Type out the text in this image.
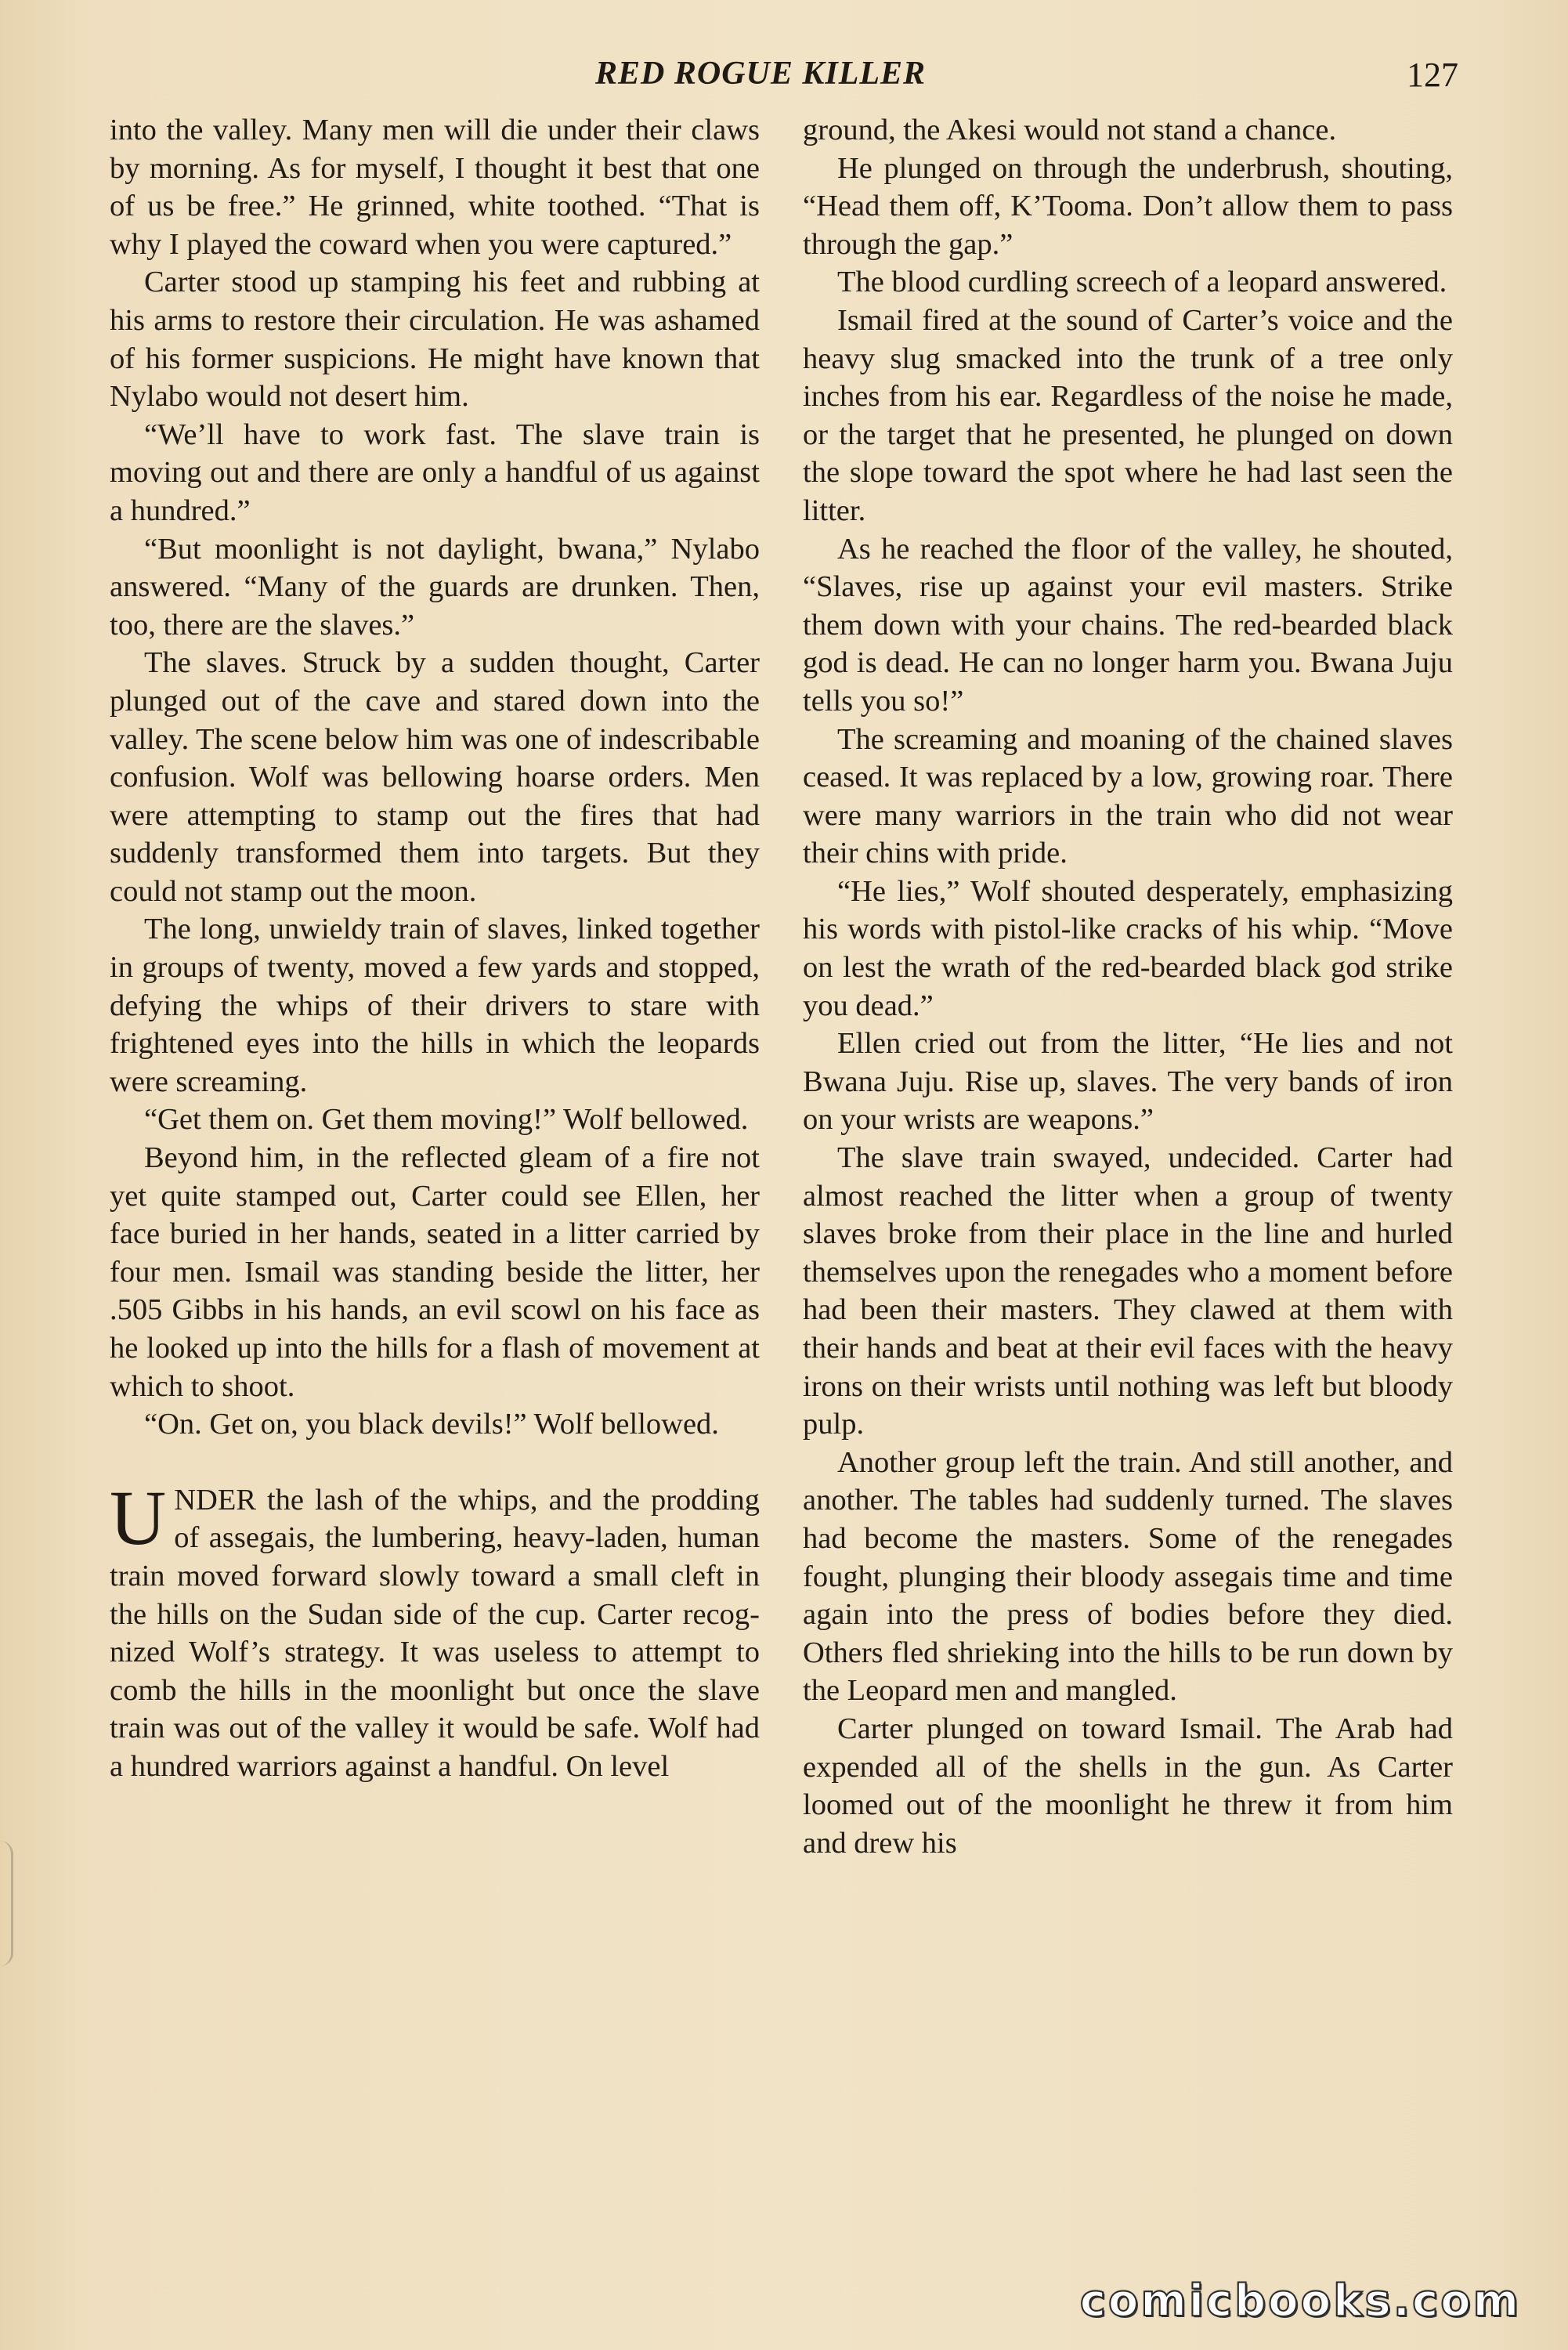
RED ROGUE KILLER	127

into the valley. Many men will die under their claws by morning. As for myself, I thought it best that one of us be free.” He grinned, white toothed. “That is why I played the coward when you were captured.”

Carter stood up stamping his feet and rubbing at his arms to restore their circulation. He was ashamed of his former suspicions. He might have known that Nylabo would not desert him.

“We’ll have to work fast. The slave train is moving out and there are only a handful of us against a hundred.”

“But moonlight is not daylight, bwana,” Nylabo answered. “Many of the guards are drunken. Then, too, there are the slaves.”

The slaves. Struck by a sudden thought, Carter plunged out of the cave and stared down into the valley. The scene below him was one of indescribable confusion. Wolf was bellowing hoarse orders. Men were attempting to stamp out the fires that had suddenly transformed them into targets. But they could not stamp out the moon.

The long, unwieldy train of slaves, linked together in groups of twenty, moved a few yards and stopped, defying the whips of their drivers to stare with frightened eyes into the hills in which the leopards were screaming.

“Get them on. Get them moving!” Wolf bellowed.

Beyond him, in the reflected gleam of a fire not yet quite stamped out, Carter could see Ellen, her face buried in her hands, seated in a litter carried by four men. Ismail was standing beside the litter, her .505 Gibbs in his hands, an evil scowl on his face as he looked up into the hills for a flash of movement at which to shoot.

“On. Get on, you black devils!” Wolf bellowed.

UNDER the lash of the whips, and the prodding of assegais, the lumbering, heavy-laden, human train moved forward slowly toward a small cleft in the hills on the Sudan side of the cup. Carter recognized Wolf’s strategy. It was useless to attempt to comb the hills in the moonlight but once the slave train was out of the valley it would be safe. Wolf had a hundred warriors against a handful. On level

ground, the Akesi would not stand a chance.

He plunged on through the underbrush, shouting, “Head them off, K’Tooma. Don’t allow them to pass through the gap.”

The blood curdling screech of a leopard answered.

Ismail fired at the sound of Carter’s voice and the heavy slug smacked into the trunk of a tree only inches from his ear. Regardless of the noise he made, or the target that he presented, he plunged on down the slope toward the spot where he had last seen the litter.

As he reached the floor of the valley, he shouted, “Slaves, rise up against your evil masters. Strike them down with your chains. The red-bearded black god is dead. He can no longer harm you. Bwana Juju tells you so!”

The screaming and moaning of the chained slaves ceased. It was replaced by a low, growing roar. There were many warriors in the train who did not wear their chins with pride.

“He lies,” Wolf shouted desperately, emphasizing his words with pistol-like cracks of his whip. “Move on lest the wrath of the red-bearded black god strike you dead.”

Ellen cried out from the litter, “He lies and not Bwana Juju. Rise up, slaves. The very bands of iron on your wrists are weapons.”

The slave train swayed, undecided. Carter had almost reached the litter when a group of twenty slaves broke from their place in the line and hurled themselves upon the renegades who a moment before had been their masters. They clawed at them with their hands and beat at their evil faces with the heavy irons on their wrists until nothing was left but bloody pulp.

Another group left the train. And still another, and another. The tables had suddenly turned. The slaves had become the masters. Some of the renegades fought, plunging their bloody assegais time and time again into the press of bodies before they died. Others fled shrieking into the hills to be run down by the Leopard men and mangled.

Carter plunged on toward Ismail. The Arab had expended all of the shells in the gun. As Carter loomed out of the moonlight he threw it from him and drew his

comicbooks.com
